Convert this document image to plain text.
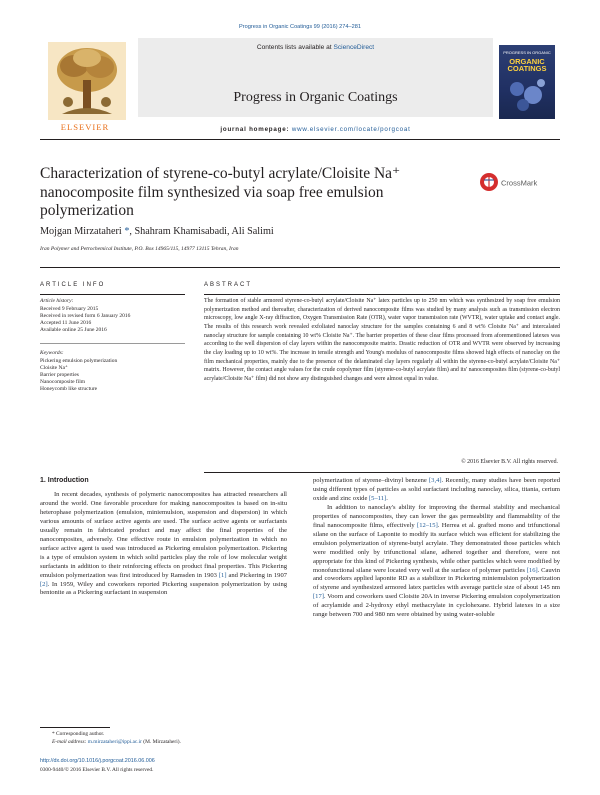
Progress in Organic Coatings 99 (2016) 274–281
Contents lists available at ScienceDirect
Progress in Organic Coatings
ELSEVIER
PROGRESS IN ORGANIC
ORGANIC COATINGS
journal homepage: www.elsevier.com/locate/porgcoat
Characterization of styrene-co-butyl acrylate/Cloisite Na⁺ nanocomposite film synthesized via soap free emulsion polymerization
CrossMark
Mojgan Mirzataheri *, Shahram Khamisabadi, Ali Salimi
Iran Polymer and Petrochemical Institute, P.O. Box 14965/115, 14977 13115 Tehran, Iran
ARTICLE INFO	ABSTRACT
Article history:
Received 9 February 2015
Received in revised form 6 January 2016
Accepted 11 June 2016
Available online 25 June 2016
Keywords:
Pickering emulsion polymerization
Cloisite Na⁺
Barrier properties
Nanocomposite film
Honeycomb like structure
The formation of stable armored styrene-co-butyl acrylate/Cloisite Na⁺ latex particles up to 250 nm which was synthesized by soap free emulsion polymerization method and thereafter, characterization of derived nanocomposite films was studied by many analysis such as transmission electron microscopy, low angle X-ray diffraction, Oxygen Transmission Rate (OTR), water vapor transmission rate (WVTR), water uptake and contact angle. The results of this research work revealed exfoliated nanoclay structure for the samples containing 6 and 8 wt% Cloisite Na⁺ and intercalated nanoclay structure for sample containing 10 wt% Cloisite Na⁺. The barrier properties of these clear films processed from aforementioned latexes was according to the well dispersion of clay layers within the nanocomposite matrix. Drastic reduction of OTR and WVTR were observed by increasing the clay loading up to 10 wt%. The increase in tensile strength and Young's modulus of nanocomposite films showed high effects of nanoclay on the film mechanical properties, mainly due to the presence of the delaminated clay layers regularly all within the styrene-co-butyl acrylate/Cloisite Na⁺ matrix. However, the contact angle values for the crude copolymer film (styrene-co-butyl acrylate film) and its' nanocomposites film (styrene-co-butyl acrylate/Cloisite Na⁺ film) did not show any distinguished changes and were almost equal in value.
© 2016 Elsevier B.V. All rights reserved.
1. Introduction

In recent decades, synthesis of polymeric nanocomposites has attracted researchers all around the world. One favorable procedure for making nanocomposites is based on in-situ heterophase polymerization (emulsion, miniemulsion, suspension and dispersion) in which various amounts of surface active agents are used. The surface active agents or surfactants usually remain in fabricated product and may affect the final properties of the nanocomposites, adversely. One effective route in emulsion polymerization in which no surface active agent is used was introduced as Pickering emulsion polymerization. Pickering is a type of emulsion system in which solid particles play the role of low molecular weight surfactants in addition to their reinforcing effects on product final properties. This Pickering emulsion polymerization was first introduced by Ramsden in 1903 [1] and Pickering in 1907 [2]. In 1959, Wiley and coworkers reported Pickering suspension polymerization by using bentonite as a Pickering surfactant in suspension

polymerization of styrene–divinyl benzene [3,4]. Recently, many studies have been reported using different types of particles as solid surfactant including nanoclay, silica, titania, cerium oxide and zinc oxide [5–11].

In addition to nanoclay's ability for improving the thermal stability and mechanical properties of nanocomposites, they can lower the gas permeability and flammability of the final nanocomposite films, effectively [12–15]. Herrea et al. grafted mono and trifunctional silane on the surface of Laponite to modify its surface which was efficient for stabilizing the emulsion polymerization of styrene-butyl acrylate. They demonstrated those particles which were modified only by trifunctional silane, adhered together and therefore, were not appropriate for this kind of Pickering synthesis, while other particles which were modified by monofunctional silane were located very well at the surface of polymer particles [16]. Cauvin and coworkers applied laponite RD as a stabilizer in Pickering miniemulsion polymerization of styrene and synthesized armored latex particles with average particle size of about 145 nm [17]. Voorn and coworkers used Cloisite 20A in inverse Pickering emulsion copolymerization of acrylamide and 2-hydroxy ethyl methacrylate in cyclohexane. Hybrid latexes in a size range between 700 and 980 nm were obtained by using water-soluble

* Corresponding author.
E-mail address: m.mirzataheri@ippi.ac.ir (M. Mirzataheri).
http://dx.doi.org/10.1016/j.porgcoat.2016.06.006
0300-9440/© 2016 Elsevier B.V. All rights reserved.
